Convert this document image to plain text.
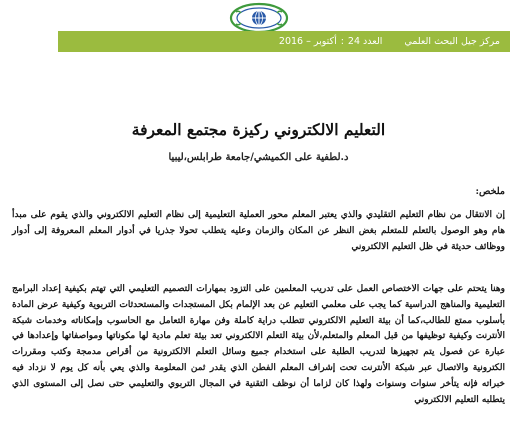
مركز جيل البحث العلمي
العدد 24
:
أكتوبر – 2016
التعليم الالكتروني ركيزة مجتمع المعرفة
د.لطفية على الكميشي/جامعة طرابلس،ليبيا
ملخص:
إن الانتقال من نظام التعليم التقليدي والذي يعتبر المعلم محور العملية التعليمية إلى نظام التعليم الالكتروني والذي يقوم على مبدأ هام وهو الوصول بالتعلم للمتعلم بغض النظر عن المكان والزمان وعليه يتطلب تحولا جذريا في أدوار المعلم المعروفة إلى أدوار ووظائف حديثة في ظل التعليم الالكتروني
وهنا يتحتم على جهات الاختصاص العمل على تدريب المعلمين على التزود بمهارات التصميم التعليمي التي تهتم بكيفية إعداد البرامج التعليمية والمناهج الدراسية كما يجب على معلمي التعليم عن بعد الإلمام بكل المستجدات والمستحدثات التربوية وكيفية عرض المادة بأسلوب ممتع للطالب،كما أن بيئة التعليم الالكتروني تتطلب دراية كاملة وفن مهارة التعامل مع الحاسوب وإمكاناته وخدمات شبكة الأنترنت وكيفية توظيفها من قبل المعلم والمتعلم،لأن بيئة التعلم الالكتروني تعد بيئة تعلم مادية لها مكوناتها ومواصفاتها وإعدادها في عبارة عن فصول يتم تجهيزها لتدريب الطلبة على استخدام جميع وسائل التعلم الالكترونية من أقراص مدمجة وكتب ومقررات الكترونية والاتصال عبر شبكة الأنترنت تحت إشراف المعلم الفطن الذي يقدر ثمن المعلومة والذي يعي بأنه كل يوم لا نزداد فيه خبراته فإنه يتأخر سنوات وسنوات ولهذا كان لزاما أن نوظف التقنية في المجال التربوي والتعليمي حتى نصل إلى المستوى الذي يتطلبه التعليم الالكتروني
